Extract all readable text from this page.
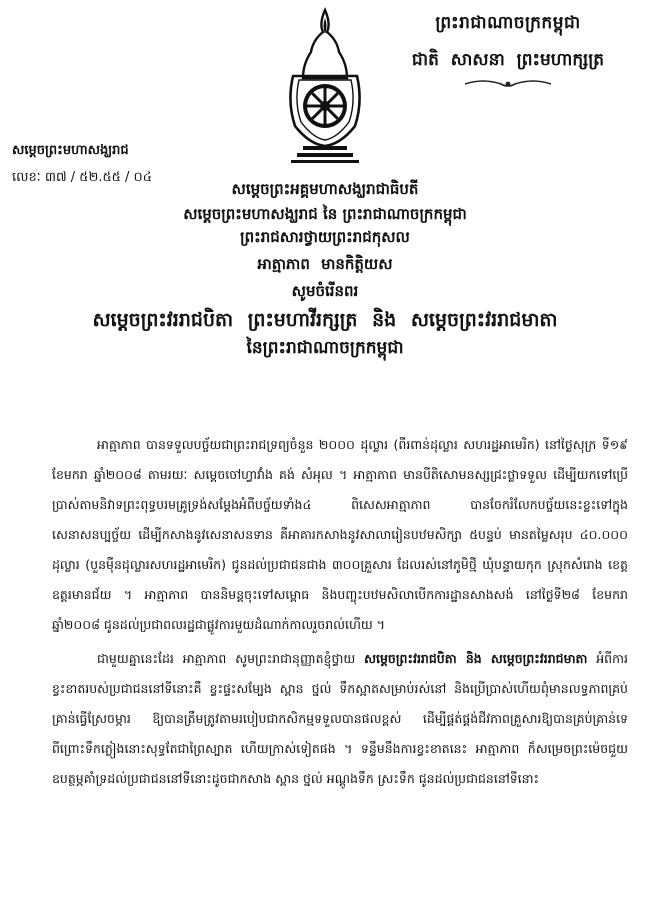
ព្រះរាជាណាចក្រកម្ពុជា
ជាតិ សាសនា ព្រះមហាក្សត្រ
សម្តេចព្រះមហាសង្ឃរាជ
លេខៈ ៣៧ / ៥២.៥៥ / ០៤
សម្តេចព្រះអគ្គមហាសង្ឃរាជាធិបតី
សម្តេចព្រះមហាសង្ឃរាជ នៃ ព្រះរាជាណាចក្រកម្ពុជា
ព្រះរាជសារថ្វាយព្រះរាជកុសល
អាត្មាភាព មានកិត្តិយស
សូមចំរើនពរ
សម្តេចព្រះវររាជបិតា ព្រះមហាវីរក្សត្រ និង សម្តេចព្រះវររាជមាតា
នៃព្រះរាជាណាចក្រកម្ពុជា

អាត្មាភាព បានទទួលបច្ច័យជាព្រះរាជទ្រព្យចំនួន ២០០០ ដុល្លារ (ពីរពាន់ដុល្លារ សហរដ្ឋអាមេរិក) នៅថ្ងៃសុក្រ ទី១៩ ខែមករា ឆ្នាំ២០០៨ តាមរយៈ សម្តេចចៅហ្វាវាំង គង់ សំអុល ។ អាត្មាភាព មានបីតិសោមនស្សជ្រះថ្លាទទួល ដើម្បីយកទៅប្រើប្រាស់តាមនិវាទព្រះពុទ្ធបរមគ្រូទ្រង់សម្តែងអំពីបច្ច័យទាំង៤ ពិសេសអាត្មាភាព បានចែករំលែកបច្ច័យនេះខ្លះទៅក្នុងសេនាសនប្បច្ច័យ ដើម្បីកសាងនូវសេនាសនទាន គឺអាគារកសាងនូវសាលារៀនបឋមសិក្សា ៥បន្ទប់ មានតម្លៃសរុប ៤០.០០០ ដុល្លារ (បួនម៉ឺនដុល្លារសហរដ្ឋអាមេរិក) ជូនដល់ប្រជាជនជាង ៣០០គ្រួសារ ដែលរស់នៅភូមិថ្មី ឃុំបន្ទាយកុក ស្រុកសំរោង ខេត្តឧត្តរមានជ័យ ។ អាត្មាភាព បាននិមន្តចុះទៅសម្ពោធ និងបញ្ចុះបឋមសិលាបើកការដ្ឋានសាងសង់ នៅថ្ងៃទី២៨ ខែមករា ឆ្នាំ២០០៨ ជូនដល់ប្រជាពលរដ្ឋជាផ្លូវការមួយដំណាក់កាលរួចរាល់ហើយ ។

ជាមួយគ្នានេះដែរ អាត្មាភាព សូមព្រះរាជានុញ្ញាតខ្ញុំថ្វាយ សម្តេចព្រះវររាជបិតា និង សម្តេចព្រះវររាជមាតា អំពីការខ្វះខាតរបស់ប្រជាជននៅទីនោះគឺ ខ្វះផ្ទះសម្បែង ស្ពាន ថ្នល់ ទឹកស្អាតសម្រាប់រស់នៅ និងប្រើប្រាស់ហើយពុំមានលទ្ធភាពគ្រប់គ្រាន់ធ្វើស្រែចម្ការ ឱ្យបានត្រឹមត្រូវតាមរបៀបជាកសិកម្មទទួលបានផលខ្ពស់ ដើម្បីផ្គត់ផ្គង់ជីវភាពគ្រួសារឱ្យបានគ្រប់គ្រាន់ទេ ពីព្រោះទឹកភ្លៀងនោះសុទ្ធតែជាព្រៃស្បាត ហើយក្រាស់ទៀតផង ។ ទន្ទឹមនឹងការខ្វះខាតនេះ អាត្មាភាព ក៏សម្រេចព្រះម៉េចជួយឧបត្ថម្ភគាំទ្រដល់ប្រជាជននៅទីនោះដូចជាកសាង ស្ពាន ថ្នល់ អណ្តូងទឹក ស្រះទឹក ជូនដល់ប្រជាជននៅទីនោះ
